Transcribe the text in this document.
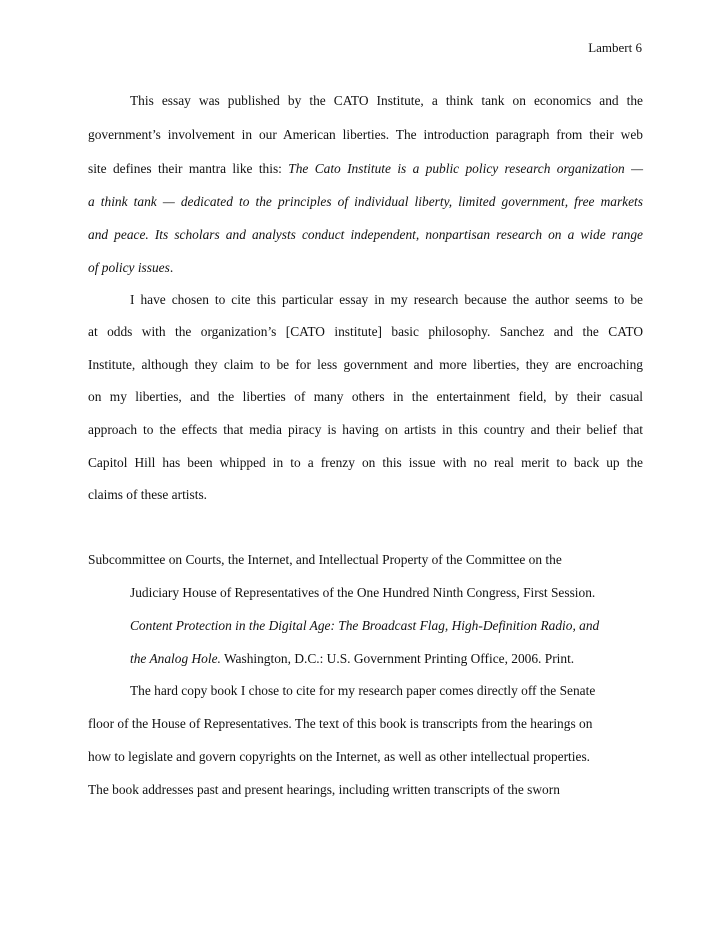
Lambert 6
This essay was published by the CATO Institute, a think tank on economics and the
government’s involvement in our American liberties. The introduction paragraph from their web
site defines their mantra like this: The Cato Institute is a public policy research organization —
a think tank — dedicated to the principles of individual liberty, limited government, free markets
and peace. Its scholars and analysts conduct independent, nonpartisan research on a wide range
of policy issues.
I have chosen to cite this particular essay in my research because the author seems to be
at odds with the organization’s [CATO institute] basic philosophy. Sanchez and the CATO
Institute, although they claim to be for less government and more liberties, they are encroaching
on my liberties, and the liberties of many others in the entertainment field, by their casual
approach to the effects that media piracy is having on artists in this country and their belief that
Capitol Hill has been whipped in to a frenzy on this issue with no real merit to back up the
claims of these artists.
Subcommittee on Courts, the Internet, and Intellectual Property of the Committee on the
Judiciary House of Representatives of the One Hundred Ninth Congress, First Session.
Content Protection in the Digital Age: The Broadcast Flag, High-Definition Radio, and
the Analog Hole. Washington, D.C.: U.S. Government Printing Office, 2006. Print.
The hard copy book I chose to cite for my research paper comes directly off the Senate
floor of the House of Representatives. The text of this book is transcripts from the hearings on
how to legislate and govern copyrights on the Internet, as well as other intellectual properties.
The book addresses past and present hearings, including written transcripts of the sworn
